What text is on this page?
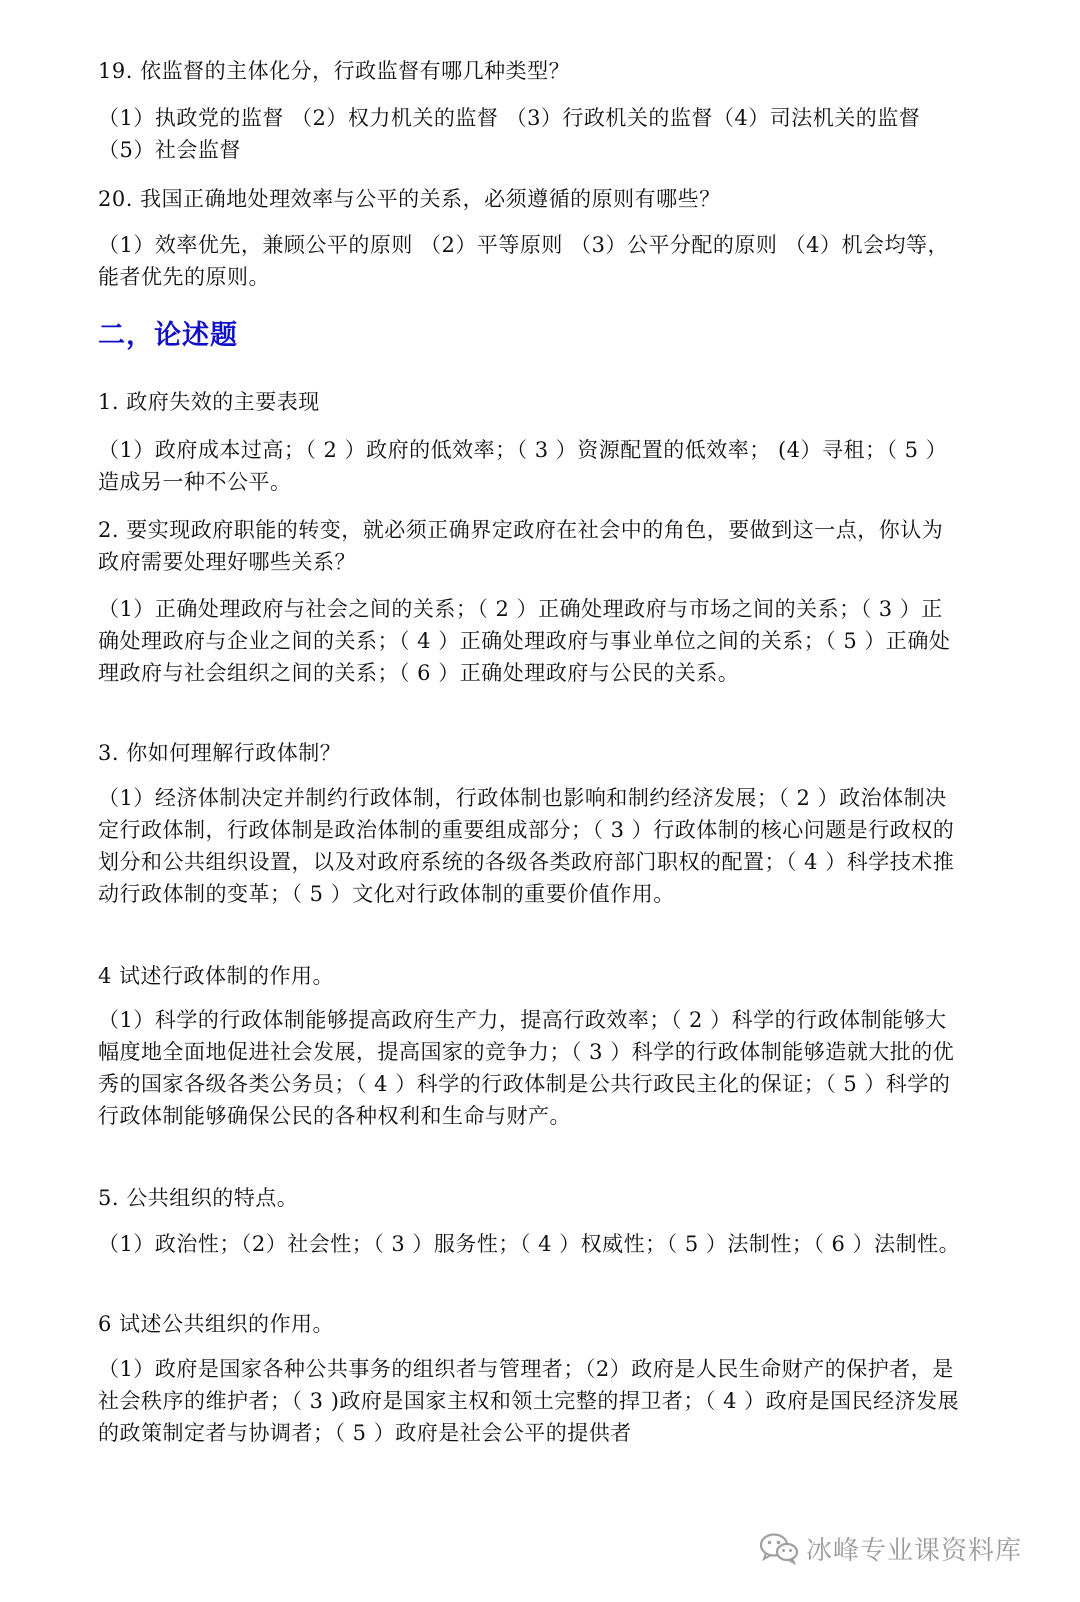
19. 依监督的主体化分，行政监督有哪几种类型？
（1）执政党的监督 （2）权力机关的监督 （3）行政机关的监督（4）司法机关的监督（5）社会监督
20. 我国正确地处理效率与公平的关系，必须遵循的原则有哪些？
（1）效率优先，兼顾公平的原则 （2）平等原则 （3）公平分配的原则 （4）机会均等，能者优先的原则。
二，论述题
1. 政府失效的主要表现
（1）政府成本过高；（ 2 ）政府的低效率；（ 3 ）资源配置的低效率； (4）寻租；（ 5 ）造成另一种不公平。
2. 要实现政府职能的转变，就必须正确界定政府在社会中的角色，要做到这一点，你认为政府需要处理好哪些关系？
（1）正确处理政府与社会之间的关系；（ 2 ）正确处理政府与市场之间的关系；（ 3 ）正确处理政府与企业之间的关系；（ 4 ）正确处理政府与事业单位之间的关系；（ 5 ）正确处理政府与社会组织之间的关系；（ 6 ）正确处理政府与公民的关系。
3. 你如何理解行政体制？
（1）经济体制决定并制约行政体制，行政体制也影响和制约经济发展；（ 2 ）政治体制决定行政体制，行政体制是政治体制的重要组成部分；（ 3 ）行政体制的核心问题是行政权的划分和公共组织设置，以及对政府系统的各级各类政府部门职权的配置；（ 4 ）科学技术推动行政体制的变革；（ 5 ）文化对行政体制的重要价值作用。
4 试述行政体制的作用。
（1）科学的行政体制能够提高政府生产力，提高行政效率；（ 2 ）科学的行政体制能够大幅度地全面地促进社会发展，提高国家的竞争力；（ 3 ）科学的行政体制能够造就大批的优秀的国家各级各类公务员；（ 4 ）科学的行政体制是公共行政民主化的保证；（ 5 ）科学的行政体制能够确保公民的各种权利和生命与财产。
5. 公共组织的特点。
（1）政治性；（2）社会性；（ 3 ）服务性；（ 4 ）权威性；（ 5 ）法制性；（ 6 ）法制性。
6 试述公共组织的作用。
（1）政府是国家各种公共事务的组织者与管理者；（2）政府是人民生命财产的保护者，是社会秩序的维护者；（ 3 )政府是国家主权和领土完整的捍卫者；（ 4 ）政府是国民经济发展的政策制定者与协调者；（ 5 ）政府是社会公平的提供者
冰峰专业课资料库
